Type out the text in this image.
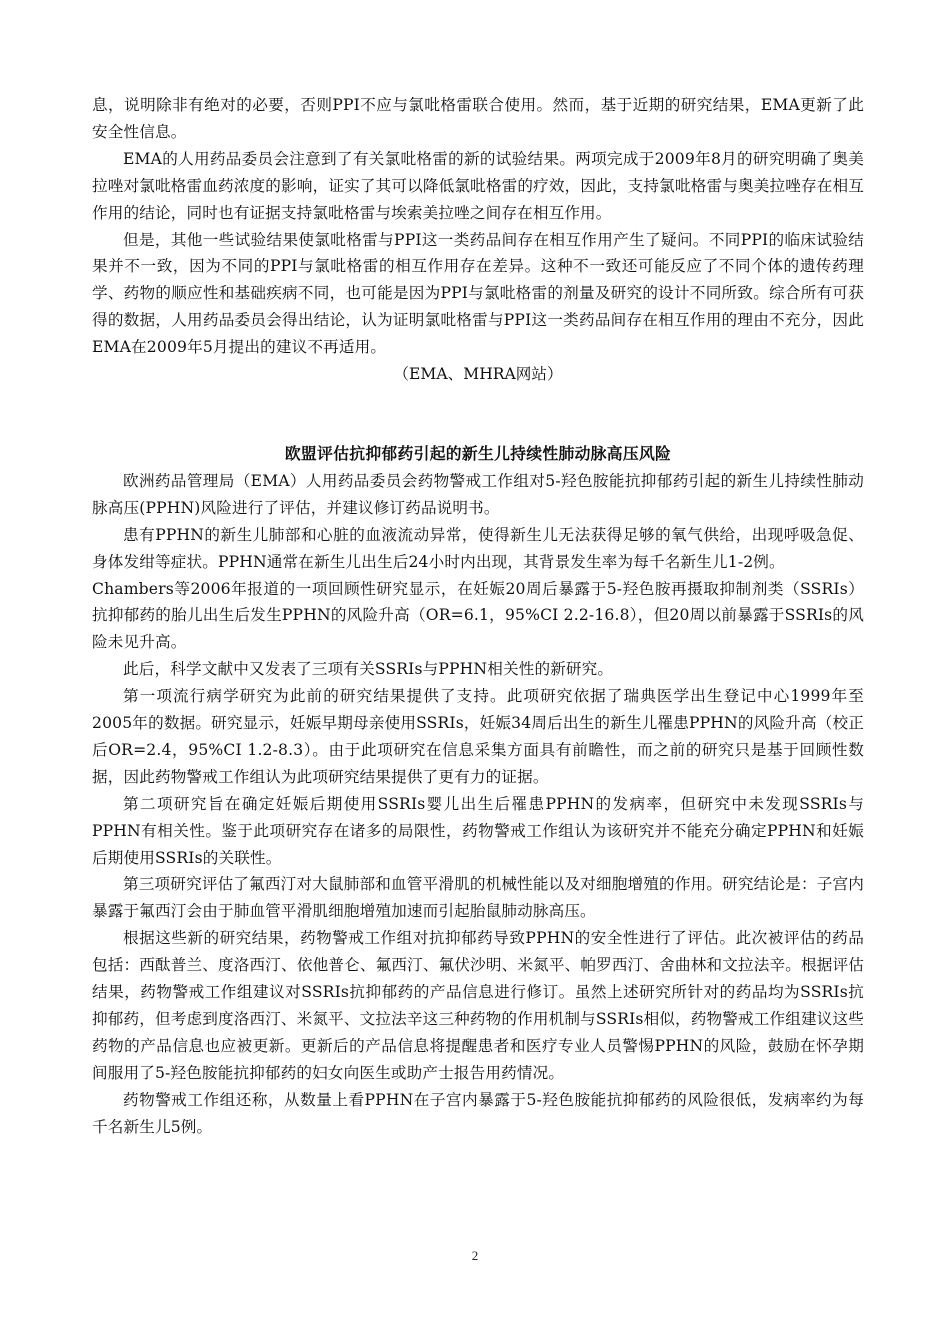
息，说明除非有绝对的必要，否则PPI不应与氯吡格雷联合使用。然而，基于近期的研究结果，EMA更新了此安全性信息。

EMA的人用药品委员会注意到了有关氯吡格雷的新的试验结果。两项完成于2009年8月的研究明确了奥美拉唑对氯吡格雷血药浓度的影响，证实了其可以降低氯吡格雷的疗效，因此，支持氯吡格雷与奥美拉唑存在相互作用的结论，同时也有证据支持氯吡格雷与埃索美拉唑之间存在相互作用。

但是，其他一些试验结果使氯吡格雷与PPI这一类药品间存在相互作用产生了疑问。不同PPI的临床试验结果并不一致，因为不同的PPI与氯吡格雷的相互作用存在差异。这种不一致还可能反应了不同个体的遗传药理学、药物的顺应性和基础疾病不同，也可能是因为PPI与氯吡格雷的剂量及研究的设计不同所致。综合所有可获得的数据，人用药品委员会得出结论，认为证明氯吡格雷与PPI这一类药品间存在相互作用的理由不充分，因此EMA在2009年5月提出的建议不再适用。

（EMA、MHRA网站）

欧盟评估抗抑郁药引起的新生儿持续性肺动脉高压风险

欧洲药品管理局（EMA）人用药品委员会药物警戒工作组对5-羟色胺能抗抑郁药引起的新生儿持续性肺动脉高压(PPHN)风险进行了评估，并建议修订药品说明书。

患有PPHN的新生儿肺部和心脏的血液流动异常，使得新生儿无法获得足够的氧气供给，出现呼吸急促、身体发绀等症状。PPHN通常在新生儿出生后24小时内出现，其背景发生率为每千名新生儿1-2例。

Chambers等2006年报道的一项回顾性研究显示，在妊娠20周后暴露于5-羟色胺再摄取抑制剂类（SSRIs）抗抑郁药的胎儿出生后发生PPHN的风险升高（OR=6.1，95%CI 2.2-16.8），但20周以前暴露于SSRIs的风险未见升高。

此后，科学文献中又发表了三项有关SSRIs与PPHN相关性的新研究。

第一项流行病学研究为此前的研究结果提供了支持。此项研究依据了瑞典医学出生登记中心1999年至2005年的数据。研究显示，妊娠早期母亲使用SSRIs，妊娠34周后出生的新生儿罹患PPHN的风险升高（校正后OR=2.4，95%CI 1.2-8.3）。由于此项研究在信息采集方面具有前瞻性，而之前的研究只是基于回顾性数据，因此药物警戒工作组认为此项研究结果提供了更有力的证据。

第二项研究旨在确定妊娠后期使用SSRIs婴儿出生后罹患PPHN的发病率，但研究中未发现SSRIs与PPHN有相关性。鉴于此项研究存在诸多的局限性，药物警戒工作组认为该研究并不能充分确定PPHN和妊娠后期使用SSRIs的关联性。

第三项研究评估了氟西汀对大鼠肺部和血管平滑肌的机械性能以及对细胞增殖的作用。研究结论是：子宫内暴露于氟西汀会由于肺血管平滑肌细胞增殖加速而引起胎鼠肺动脉高压。

根据这些新的研究结果，药物警戒工作组对抗抑郁药导致PPHN的安全性进行了评估。此次被评估的药品包括：西酞普兰、度洛西汀、依他普仑、氟西汀、氟伏沙明、米氮平、帕罗西汀、舍曲林和文拉法辛。根据评估结果，药物警戒工作组建议对SSRIs抗抑郁药的产品信息进行修订。虽然上述研究所针对的药品均为SSRIs抗抑郁药，但考虑到度洛西汀、米氮平、文拉法辛这三种药物的作用机制与SSRIs相似，药物警戒工作组建议这些药物的产品信息也应被更新。更新后的产品信息将提醒患者和医疗专业人员警惕PPHN的风险，鼓励在怀孕期间服用了5-羟色胺能抗抑郁药的妇女向医生或助产士报告用药情况。

药物警戒工作组还称，从数量上看PPHN在子宫内暴露于5-羟色胺能抗抑郁药的风险很低，发病率约为每千名新生儿5例。

2
